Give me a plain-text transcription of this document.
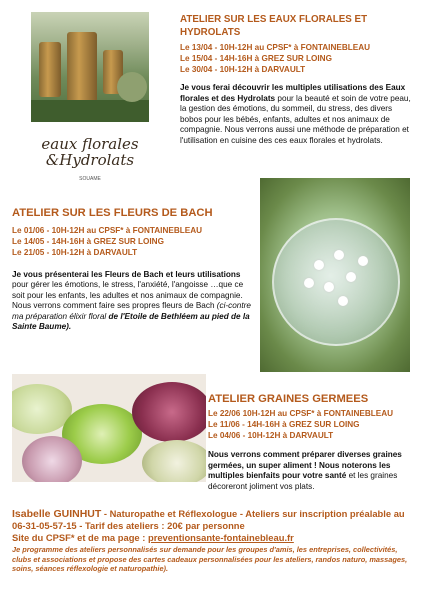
eaux florales
&Hydrolats
SOUAME
ATELIER SUR LES EAUX FLORALES ET HYDROLATS
Le 13/04 - 10H-12H au CPSF* à FONTAINEBLEAU
Le 15/04 - 14H-16H à GREZ SUR LOING
Le 30/04 - 10H-12H à DARVAULT
Je vous ferai découvrir les multiples utilisations des Eaux florales et des Hydrolats pour la beauté et soin de votre peau, la gestion des émotions, du sommeil, du stress, des divers bobos pour les bébés, enfants, adultes et nos animaux de compagnie. Nous verrons aussi une méthode de préparation et l'utilisation en cuisine des ces eaux florales et hydrolats.
ATELIER SUR LES FLEURS DE BACH
Le 01/06 - 10H-12H au CPSF* à FONTAINEBLEAU
Le 14/05 - 14H-16H à GREZ SUR LOING
Le 21/05 - 10H-12H à DARVAULT
Je vous présenterai les Fleurs de Bach et leurs utilisations pour gérer les émotions, le stress, l'anxiété, l'angoisse …que ce soit pour les enfants, les adultes et nos animaux de compagnie. Nous verrons comment faire ses propres fleurs de Bach (ci-contre ma préparation élixir floral de l'Etoile de Bethléem au pied de la Sainte Baume).
ATELIER GRAINES GERMEES
Le 22/06 10H-12H au CPSF* à FONTAINEBLEAU
Le 11/06 - 14H-16H à GREZ SUR LOING
Le 04/06 - 10H-12H à DARVAULT
Nous verrons comment préparer diverses graines germées, un super aliment ! Nous noterons les multiples bienfaits pour votre santé et les graines décoreront joliment vos plats.
Isabelle GUINHUT - Naturopathe et Réflexologue - Ateliers sur inscription préalable au 06-31-05-57-15 - Tarif des ateliers : 20€ par personne
Site du CPSF* et de ma page : preventionsante-fontainebleau.fr
Je programme des ateliers personnalisés sur demande pour les groupes d'amis, les entreprises, collectivités, clubs et associations et propose des cartes cadeaux personnalisées pour les ateliers, randos naturo, massages, soins, séances réflexologie et naturopathie).
